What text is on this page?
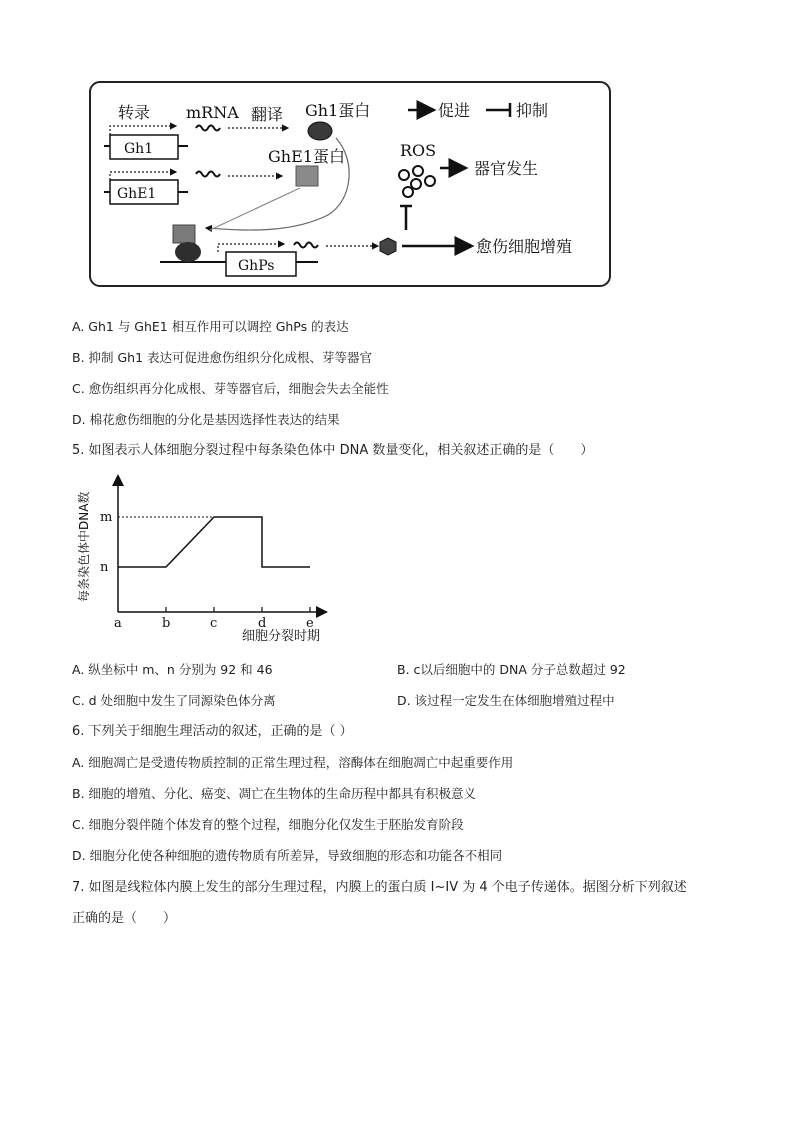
转录 mRNA 翻译 Gh1蛋白	促进	抑制
Gh1
GhE1
GhE1蛋白
GhPs
愈伤细胞增殖
ROS
器官发生
A. Gh1 与 GhE1 相互作用可以调控 GhPs 的表达
B. 抑制 Gh1 表达可促进愈伤组织分化成根、芽等器官
C. 愈伤组织再分化成根、芽等器官后，细胞会失去全能性
D. 棉花愈伤细胞的分化是基因选择性表达的结果
5. 如图表示人体细胞分裂过程中每条染色体中 DNA 数量变化，相关叙述正确的是（　　）
每条染色体中DNA数 n
m
a	b	c	d	e
细胞分裂时期
A. 纵坐标中 m、n 分别为 92 和 46	B. c以后细胞中的 DNA 分子总数超过 92
C. d 处细胞中发生了同源染色体分离	D. 该过程一定发生在体细胞增殖过程中
6. 下列关于细胞生理活动的叙述，正确的是（ ）
A. 细胞凋亡是受遗传物质控制的正常生理过程，溶酶体在细胞凋亡中起重要作用
B. 细胞的增殖、分化、癌变、凋亡在生物体的生命历程中都具有积极意义
C. 细胞分裂伴随个体发育的整个过程，细胞分化仅发生于胚胎发育阶段
D. 细胞分化使各种细胞的遗传物质有所差异，导致细胞的形态和功能各不相同
7. 如图是线粒体内膜上发生的部分生理过程，内膜上的蛋白质 I~IV 为 4 个电子传递体。据图分析下列叙述
正确的是（　　）
